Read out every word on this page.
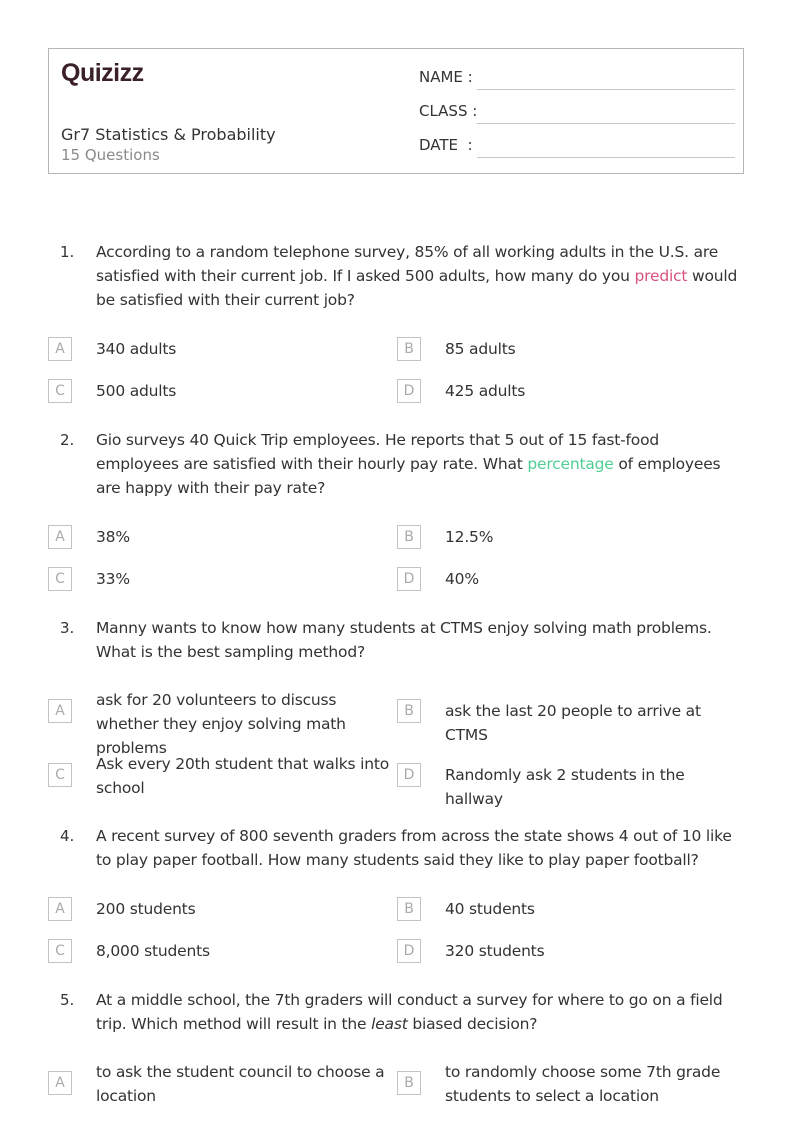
Quizizz
Gr7 Statistics & Probability
15 Questions
NAME :
CLASS :
DATE  :
1. According to a random telephone survey, 85% of all working adults in the U.S. are satisfied with their current job. If I asked 500 adults, how many do you predict would be satisfied with their current job?
A	340 adults	B	85 adults
C	500 adults	D	425 adults
2. Gio surveys 40 Quick Trip employees. He reports that 5 out of 15 fast-food employees are satisfied with their hourly pay rate. What percentage of employees are happy with their pay rate?
A	38%	B	12.5%
C	33%	D	40%
3. Manny wants to know how many students at CTMS enjoy solving math problems. What is the best sampling method?
A
ask for 20 volunteers to discuss whether they enjoy solving math problems
B	ask the last 20 people to arrive at CTMS
C
Ask every 20th student that walks into school
D	Randomly ask 2 students in the hallway
4. A recent survey of 800 seventh graders from across the state shows 4 out of 10 like to play paper football. How many students said they like to play paper football?
A	200 students	B	40 students
C	8,000 students	D	320 students
5. At a middle school, the 7th graders will conduct a survey for where to go on a field trip. Which method will result in the least biased decision?
A
to ask the student council to choose a location
B
to randomly choose some 7th grade students to select a location
